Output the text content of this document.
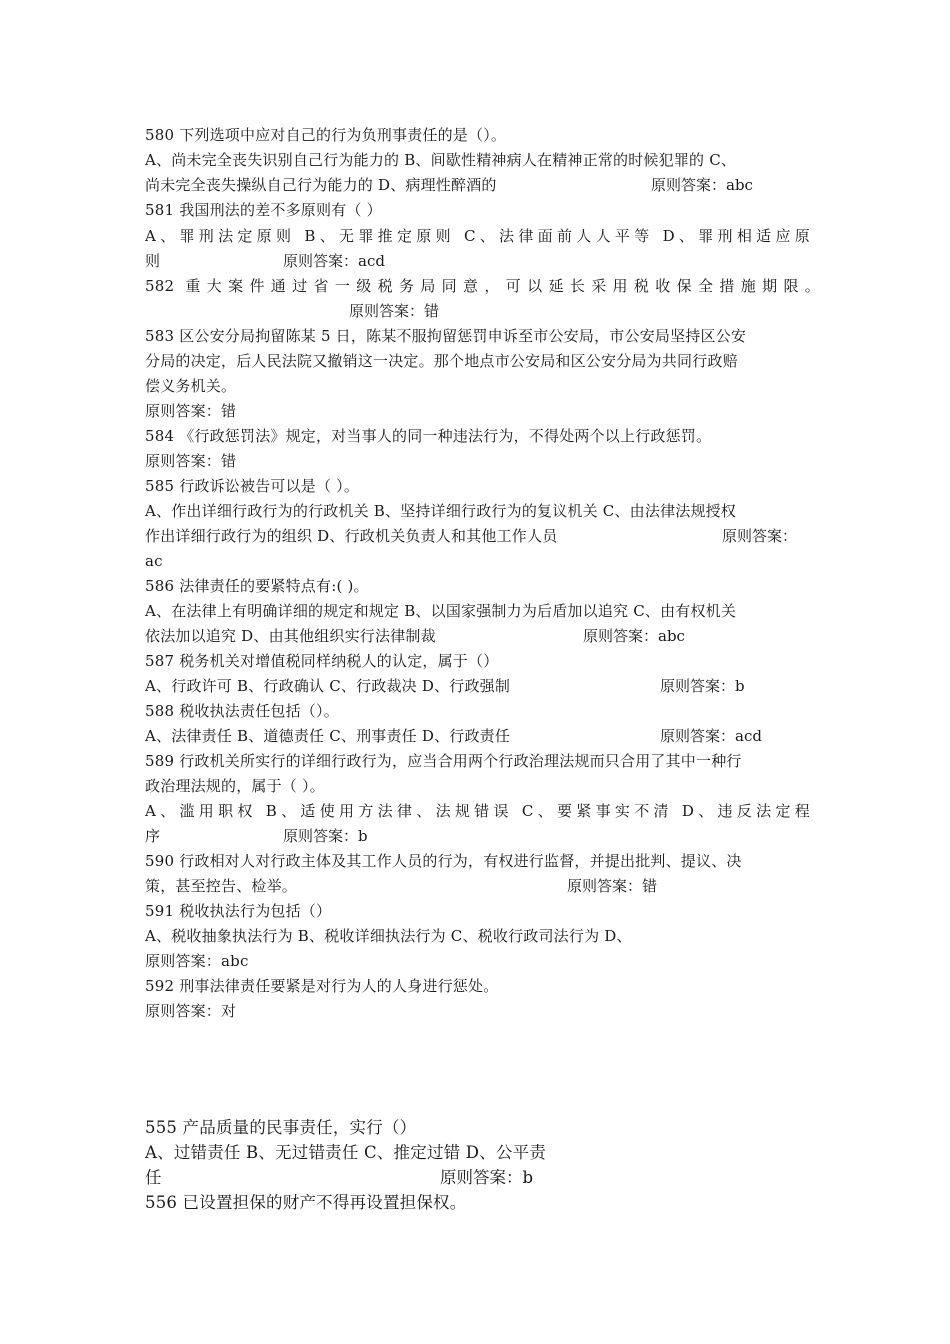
580 下列选项中应对自己的行为负刑事责任的是（）。
A、尚未完全丧失识别自己行为能力的 B、间歇性精神病人在精神正常的时候犯罪的 C、
尚未完全丧失操纵自己行为能力的 D、病理性醉酒的	原则答案：abc
581 我国刑法的差不多原则有（ ）
A、罪刑法定原则 B、无罪推定原则 C、法律面前人人平等 D、罪刑相适应原
则	原则答案：acd
582 重大案件通过省一级税务局同意，可以延长采用税收保全措施期限。
原则答案：错
583 区公安分局拘留陈某 5 日，陈某不服拘留惩罚申诉至市公安局，市公安局坚持区公安
分局的决定，后人民法院又撤销这一决定。那个地点市公安局和区公安分局为共同行政赔
偿义务机关。
原则答案：错
584 《行政惩罚法》规定，对当事人的同一种违法行为，不得处两个以上行政惩罚。
原则答案：错
585 行政诉讼被告可以是（ ）。
A、作出详细行政行为的行政机关 B、坚持详细行政行为的复议机关 C、由法律法规授权
作出详细行政行为的组织 D、行政机关负责人和其他工作人员	原则答案：
ac
586 法律责任的要紧特点有:( )。
A、在法律上有明确详细的规定和规定 B、以国家强制力为后盾加以追究 C、由有权机关
依法加以追究 D、由其他组织实行法律制裁	原则答案：abc
587 税务机关对增值税同样纳税人的认定，属于（）
A、行政许可 B、行政确认 C、行政裁决 D、行政强制	原则答案：b
588 税收执法责任包括（）。
A、法律责任 B、道德责任 C、刑事责任 D、行政责任	原则答案：acd
589 行政机关所实行的详细行政行为，应当合用两个行政治理法规而只合用了其中一种行
政治理法规的，属于（ ）。
A、滥用职权 B、适使用方法律、法规错误 C、要紧事实不清 D、违反法定程
序	原则答案：b
590 行政相对人对行政主体及其工作人员的行为，有权进行监督，并提出批判、提议、决
策，甚至控告、检举。	原则答案：错
591 税收执法行为包括（）
A、税收抽象执法行为 B、税收详细执法行为 C、税收行政司法行为 D、
原则答案：abc
592 刑事法律责任要紧是对行为人的人身进行惩处。
原则答案：对
555 产品质量的民事责任，实行（）
A、过错责任 B、无过错责任 C、推定过错 D、公平责
任	原则答案：b
556 已设置担保的财产不得再设置担保权。
